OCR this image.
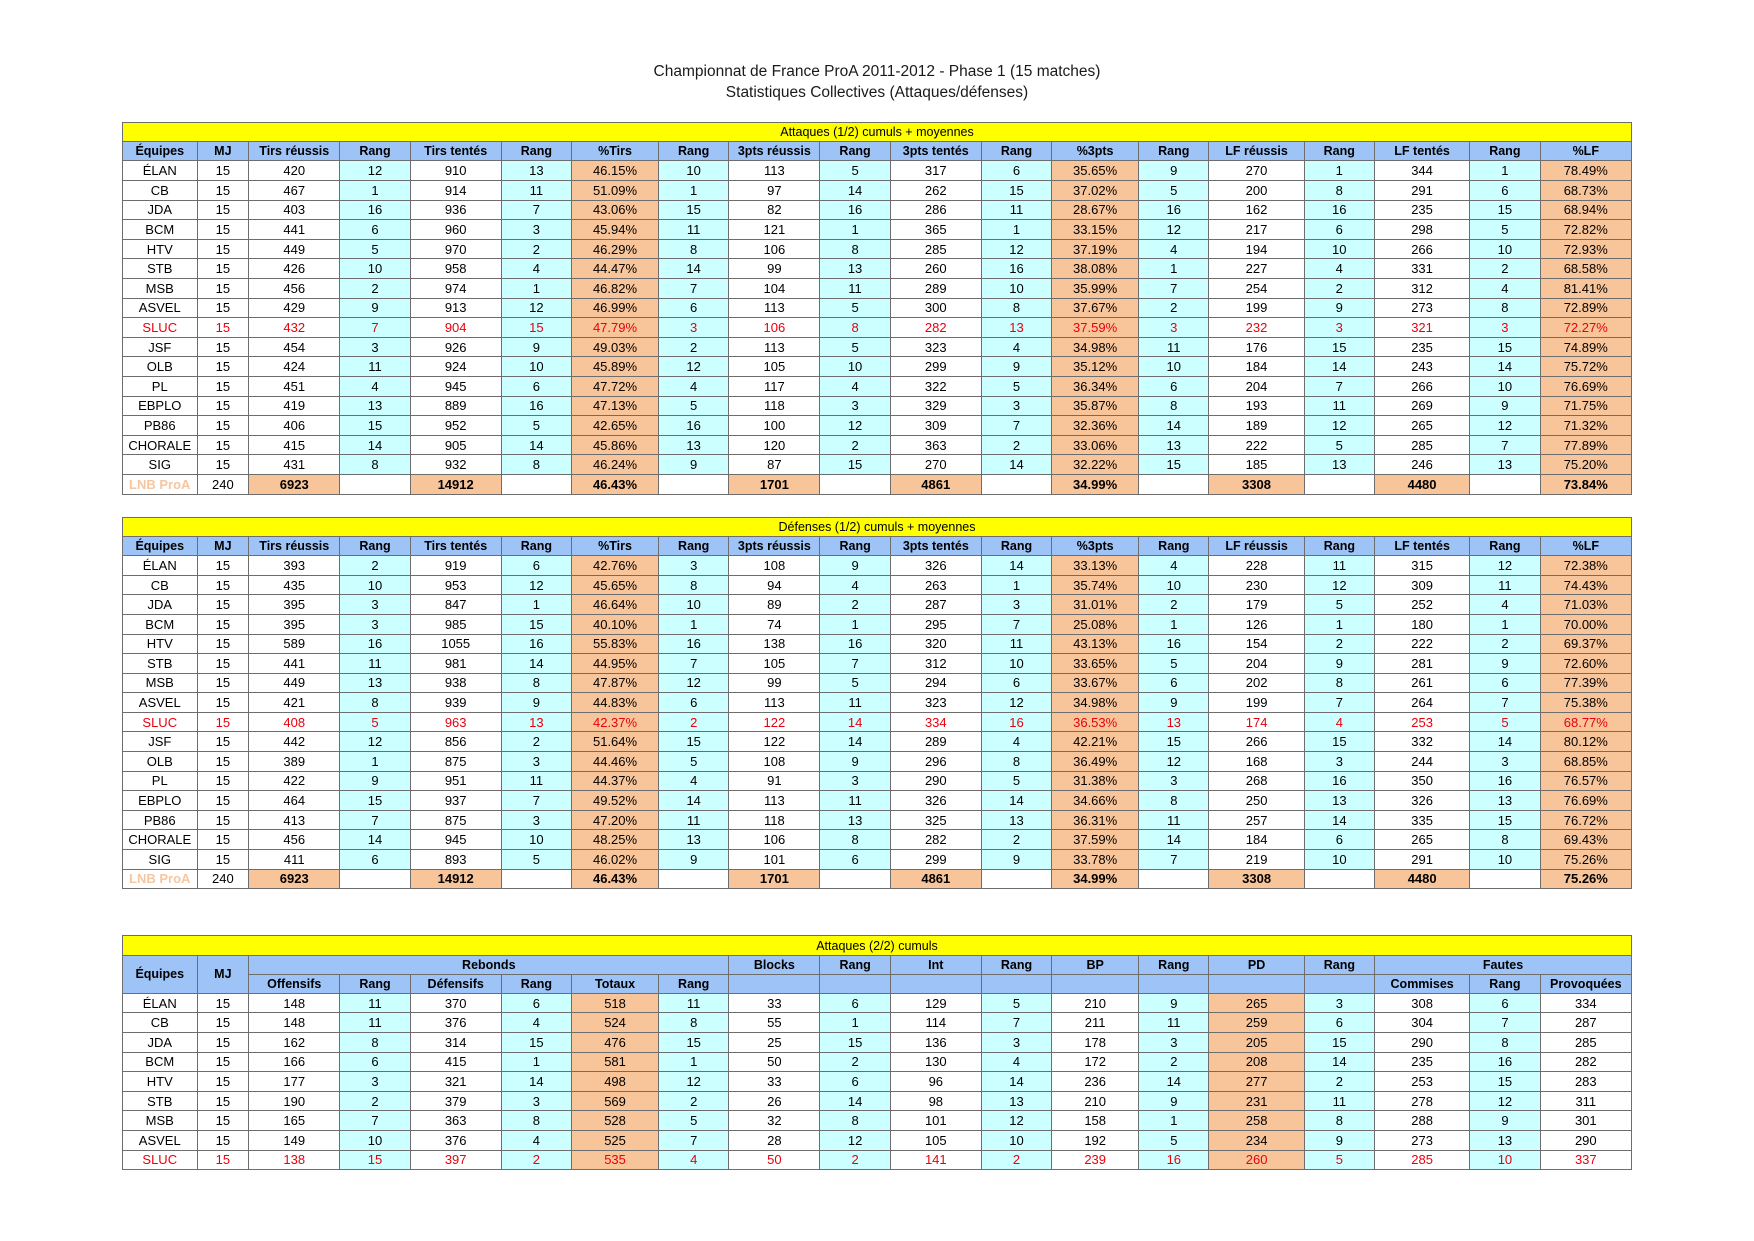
Championnat de France ProA 2011-2012 - Phase 1 (15 matches)
Statistiques Collectives (Attaques/défenses)
Attaques (1/2) cumuls + moyennes																		
Équipes	MJ	Tirs réussis	Rang	Tirs tentés	Rang	%Tirs	Rang	3pts réussis	Rang	3pts tentés	Rang	%3pts	Rang	LF réussis	Rang	LF tentés	Rang	%LF
ÉLAN	15	420	12	910	13	46.15%	10	113	5	317	6	35.65%	9	270	1	344	1	78.49%
CB	15	467	1	914	11	51.09%	1	97	14	262	15	37.02%	5	200	8	291	6	68.73%
JDA	15	403	16	936	7	43.06%	15	82	16	286	11	28.67%	16	162	16	235	15	68.94%
BCM	15	441	6	960	3	45.94%	11	121	1	365	1	33.15%	12	217	6	298	5	72.82%
HTV	15	449	5	970	2	46.29%	8	106	8	285	12	37.19%	4	194	10	266	10	72.93%
STB	15	426	10	958	4	44.47%	14	99	13	260	16	38.08%	1	227	4	331	2	68.58%
MSB	15	456	2	974	1	46.82%	7	104	11	289	10	35.99%	7	254	2	312	4	81.41%
ASVEL	15	429	9	913	12	46.99%	6	113	5	300	8	37.67%	2	199	9	273	8	72.89%
SLUC	15	432	7	904	15	47.79%	3	106	8	282	13	37.59%	3	232	3	321	3	72.27%
JSF	15	454	3	926	9	49.03%	2	113	5	323	4	34.98%	11	176	15	235	15	74.89%
OLB	15	424	11	924	10	45.89%	12	105	10	299	9	35.12%	10	184	14	243	14	75.72%
PL	15	451	4	945	6	47.72%	4	117	4	322	5	36.34%	6	204	7	266	10	76.69%
EBPLO	15	419	13	889	16	47.13%	5	118	3	329	3	35.87%	8	193	11	269	9	71.75%
PB86	15	406	15	952	5	42.65%	16	100	12	309	7	32.36%	14	189	12	265	12	71.32%
CHORALE	15	415	14	905	14	45.86%	13	120	2	363	2	33.06%	13	222	5	285	7	77.89%
SIG	15	431	8	932	8	46.24%	9	87	15	270	14	32.22%	15	185	13	246	13	75.20%
LNB ProA	240	6923		14912		46.43%		1701		4861		34.99%		3308		4480		73.84%
Défenses (1/2) cumuls + moyennes																		
Équipes	MJ	Tirs réussis	Rang	Tirs tentés	Rang	%Tirs	Rang	3pts réussis	Rang	3pts tentés	Rang	%3pts	Rang	LF réussis	Rang	LF tentés	Rang	%LF
ÉLAN	15	393	2	919	6	42.76%	3	108	9	326	14	33.13%	4	228	11	315	12	72.38%
CB	15	435	10	953	12	45.65%	8	94	4	263	1	35.74%	10	230	12	309	11	74.43%
JDA	15	395	3	847	1	46.64%	10	89	2	287	3	31.01%	2	179	5	252	4	71.03%
BCM	15	395	3	985	15	40.10%	1	74	1	295	7	25.08%	1	126	1	180	1	70.00%
HTV	15	589	16	1055	16	55.83%	16	138	16	320	11	43.13%	16	154	2	222	2	69.37%
STB	15	441	11	981	14	44.95%	7	105	7	312	10	33.65%	5	204	9	281	9	72.60%
MSB	15	449	13	938	8	47.87%	12	99	5	294	6	33.67%	6	202	8	261	6	77.39%
ASVEL	15	421	8	939	9	44.83%	6	113	11	323	12	34.98%	9	199	7	264	7	75.38%
SLUC	15	408	5	963	13	42.37%	2	122	14	334	16	36.53%	13	174	4	253	5	68.77%
JSF	15	442	12	856	2	51.64%	15	122	14	289	4	42.21%	15	266	15	332	14	80.12%
OLB	15	389	1	875	3	44.46%	5	108	9	296	8	36.49%	12	168	3	244	3	68.85%
PL	15	422	9	951	11	44.37%	4	91	3	290	5	31.38%	3	268	16	350	16	76.57%
EBPLO	15	464	15	937	7	49.52%	14	113	11	326	14	34.66%	8	250	13	326	13	76.69%
PB86	15	413	7	875	3	47.20%	11	118	13	325	13	36.31%	11	257	14	335	15	76.72%
CHORALE	15	456	14	945	10	48.25%	13	106	8	282	2	37.59%	14	184	6	265	8	69.43%
SIG	15	411	6	893	5	46.02%	9	101	6	299	9	33.78%	7	219	10	291	10	75.26%
LNB ProA	240	6923		14912		46.43%		1701		4861		34.99%		3308		4480		75.26%
Attaques (2/2) cumuls																		
Équipes	MJ	Rebonds						Blocks	Rang	Int	Rang	BP	Rang	PD	Rang	Fautes		
		Offensifs	Rang	Défensifs	Rang	Totaux	Rang									Commises	Rang	Provoquées
ÉLAN	15	148	11	370	6	518	11	33	6	129	5	210	9	265	3	308	6	334
CB	15	148	11	376	4	524	8	55	1	114	7	211	11	259	6	304	7	287
JDA	15	162	8	314	15	476	15	25	15	136	3	178	3	205	15	290	8	285
BCM	15	166	6	415	1	581	1	50	2	130	4	172	2	208	14	235	16	282
HTV	15	177	3	321	14	498	12	33	6	96	14	236	14	277	2	253	15	283
STB	15	190	2	379	3	569	2	26	14	98	13	210	9	231	11	278	12	311
MSB	15	165	7	363	8	528	5	32	8	101	12	158	1	258	8	288	9	301
ASVEL	15	149	10	376	4	525	7	28	12	105	10	192	5	234	9	273	13	290
SLUC	15	138	15	397	2	535	4	50	2	141	2	239	16	260	5	285	10	337
